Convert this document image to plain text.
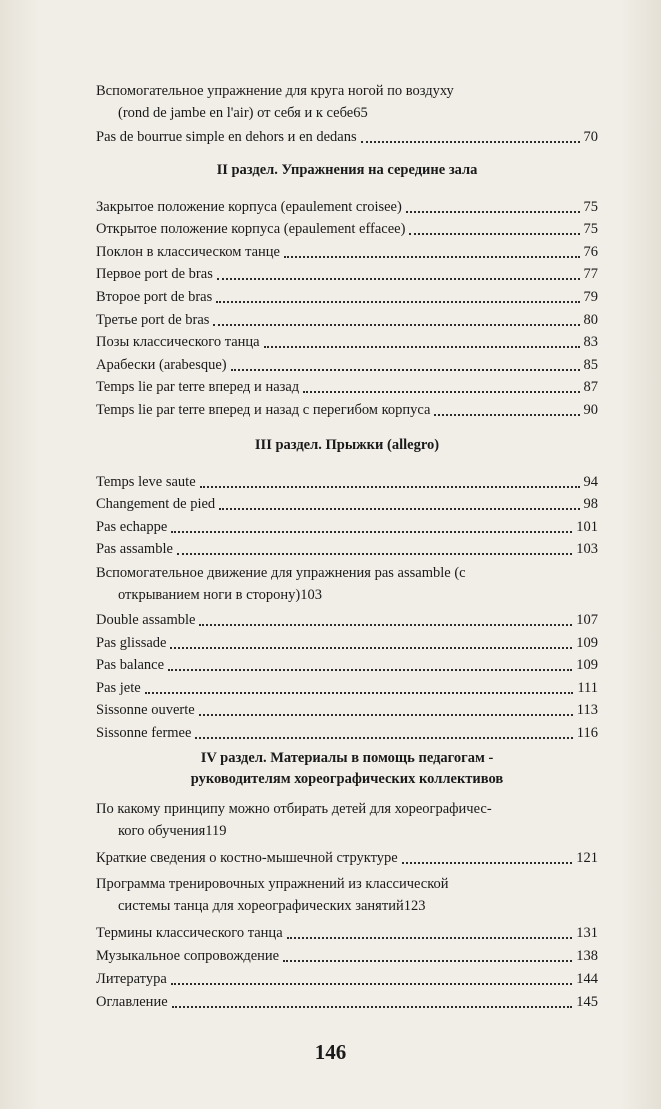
Вспомогательное упражнение для круга ногой по воздуху
(rond de jambe en l'air) от себя и к себе 65
Pas de bourrue simple en dehors и en dedans	70
II раздел. Упражнения на середине зала
Закрытое положение корпуса (epaulement croisee)	75
Открытое положение корпуса (epaulement effacee)	75
Поклон в классическом танце	76
Первое port de bras	77
Второе port de bras	79
Третье port de bras	80
Позы классического танца	83
Арабески (arabesque)	85
Temps lie par terre вперед и назад	87
Temps lie par terre вперед и назад с перегибом корпуса	90
III раздел. Прыжки (allegro)
Temps leve saute	94
Changement de pied	98
Pas echappe	101
Pas assamble	103
Вспомогательное движение для упражнения pas assamble (с
открыванием ноги в сторону) 103
Double assamble	107
Pas glissade	109
Pas balance	109
Pas jete	111
Sissonne ouverte	113
Sissonne fermee	116
IV раздел. Материалы в помощь педагогам -
руководителям хореографических коллективов
По какому принципу можно отбирать детей для хореографичес-
кого обучения 119
Краткие сведения о костно-мышечной структуре	121
Программа тренировочных упражнений из классической
системы танца для хореографических занятий 123
Термины классического танца	131
Музыкальное сопровождение	138
Литература	144
Оглавление	145
146
